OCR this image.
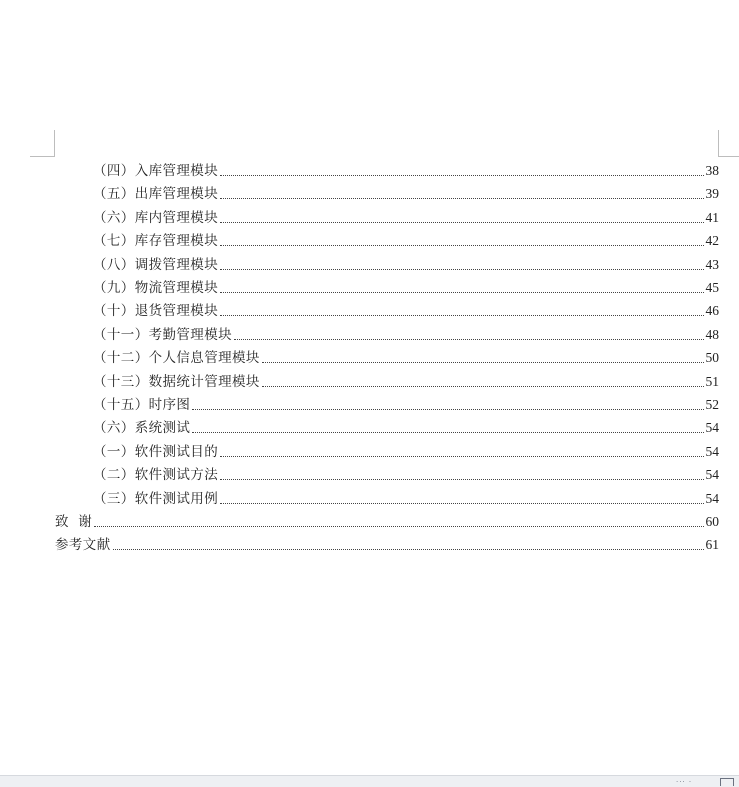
（四）入库管理模块	38
（五）出库管理模块	39
（六）库内管理模块	41
（七）库存管理模块	42
（八）调拨管理模块	43
（九）物流管理模块	45
（十）退货管理模块	46
（十一）考勤管理模块	48
（十二）个人信息管理模块	50
（十三）数据统计管理模块	51
（十五）时序图	52
（六）系统测试	54
（一）软件测试目的	54
（二）软件测试方法	54
（三）软件测试用例	54
致  谢	60
参考文献	61
··· ·
